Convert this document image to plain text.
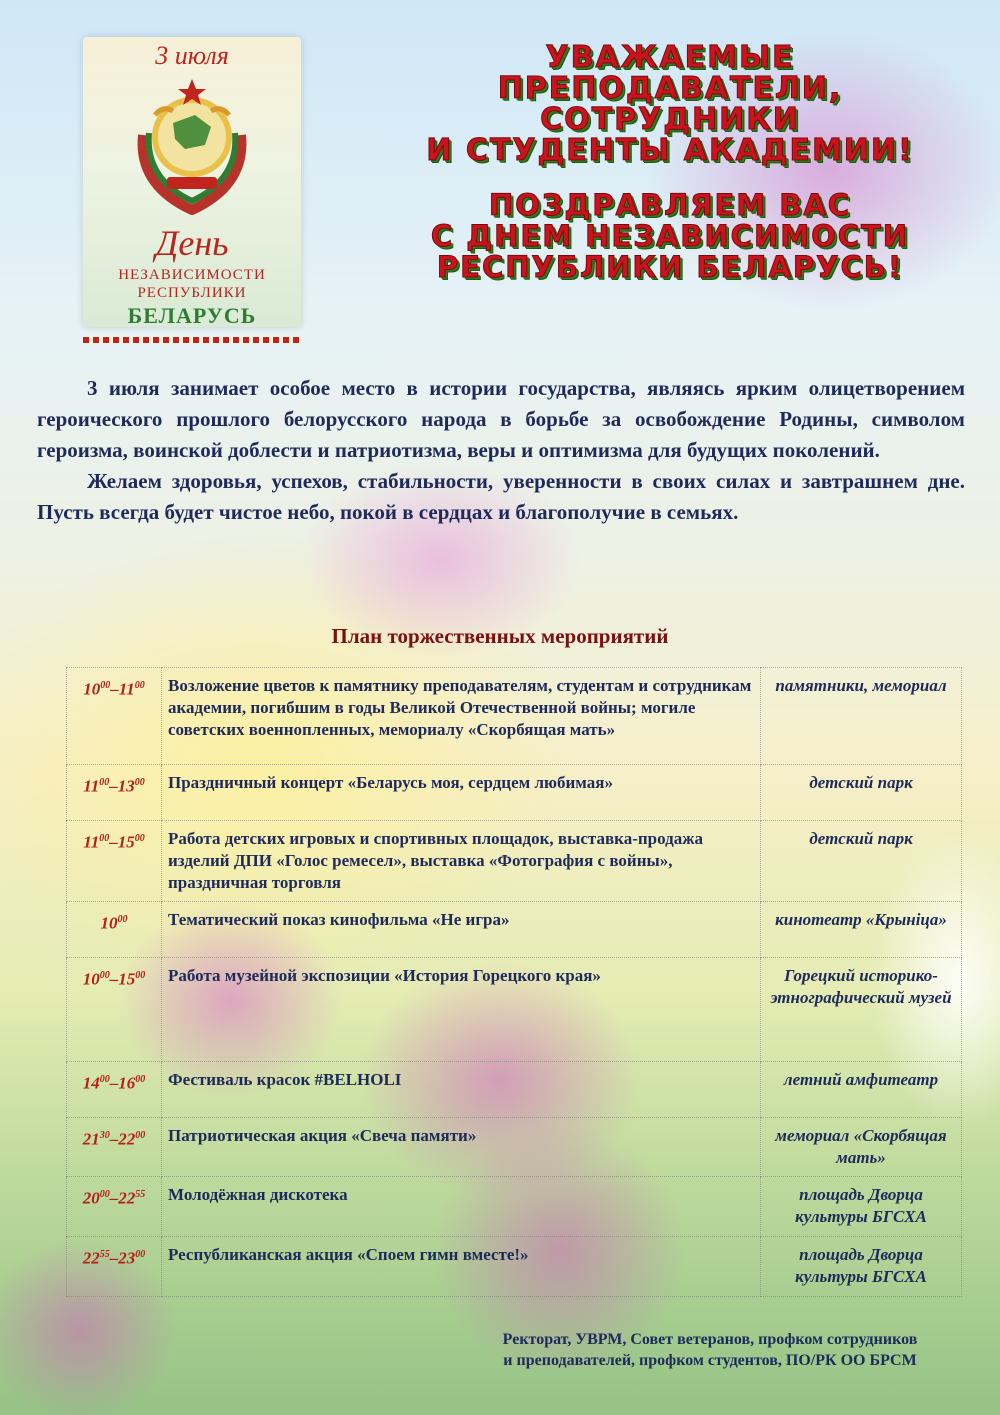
3 июля
День
НЕЗАВИСИМОСТИ
РЕСПУБЛИКИ
БЕЛАРУСЬ
УВАЖАЕМЫЕ ПРЕПОДАВАТЕЛИ,
СОТРУДНИКИ
И СТУДЕНТЫ АКАДЕМИИ!
ПОЗДРАВЛЯЕМ ВАС
С ДНЕМ НЕЗАВИСИМОСТИ
РЕСПУБЛИКИ БЕЛАРУСЬ!

3 июля занимает особое место в истории государства, являясь ярким олицетворением героического прошлого белорусского народа в борьбе за освобождение Родины, символом героизма, воинской доблести и патриотизма, веры и оптимизма для будущих поколений.

Желаем здоровья, успехов, стабильности, уверенности в своих силах и завтрашнем дне. Пусть всегда будет чистое небо, покой в сердцах и благополучие в семьях.

План торжественных мероприятий
$10^{00}-11^{00}$	Возложение цветов к памятнику преподавателям, студентам и сотрудникам академии, погибшим в годы Великой Отечественной войны; могиле советских военнопленных, мемориалу «Скорбящая мать»	памятники, мемориал
$11^{00}-13^{00}$	Праздничный концерт «Беларусь моя, сердцем любимая»	детский парк
$11^{00}-15^{00}$	Работа детских игровых и спортивных площадок, выставка-продажа изделий ДПИ «Голос ремесел», выставка «Фотография с войны», праздничная торговля	детский парк
$10^{00}$	Тематический показ кинофильма «Не игра»	кинотеатр «Крынiца»
$10^{00}-15^{00}$	Работа музейной экспозиции «История Горецкого края»	Горецкий историко-этнографический музей
$14^{00}-16^{00}$	Фестиваль красок #BELHOLI	летний амфитеатр
$21^{30}-22^{00}$	Патриотическая акция «Свеча памяти»	мемориал «Скорбящая мать»
$20^{00}-22^{55}$	Молодёжная дискотека	площадь Дворца культуры БГСХА
$22^{55}-23^{00}$	Республиканская акция «Споем гимн вместе!»	площадь Дворца культуры БГСХА
Ректорат, УВРМ, Совет ветеранов, профком сотрудников
и преподавателей, профком студентов, ПО/РК ОО БРСМ
